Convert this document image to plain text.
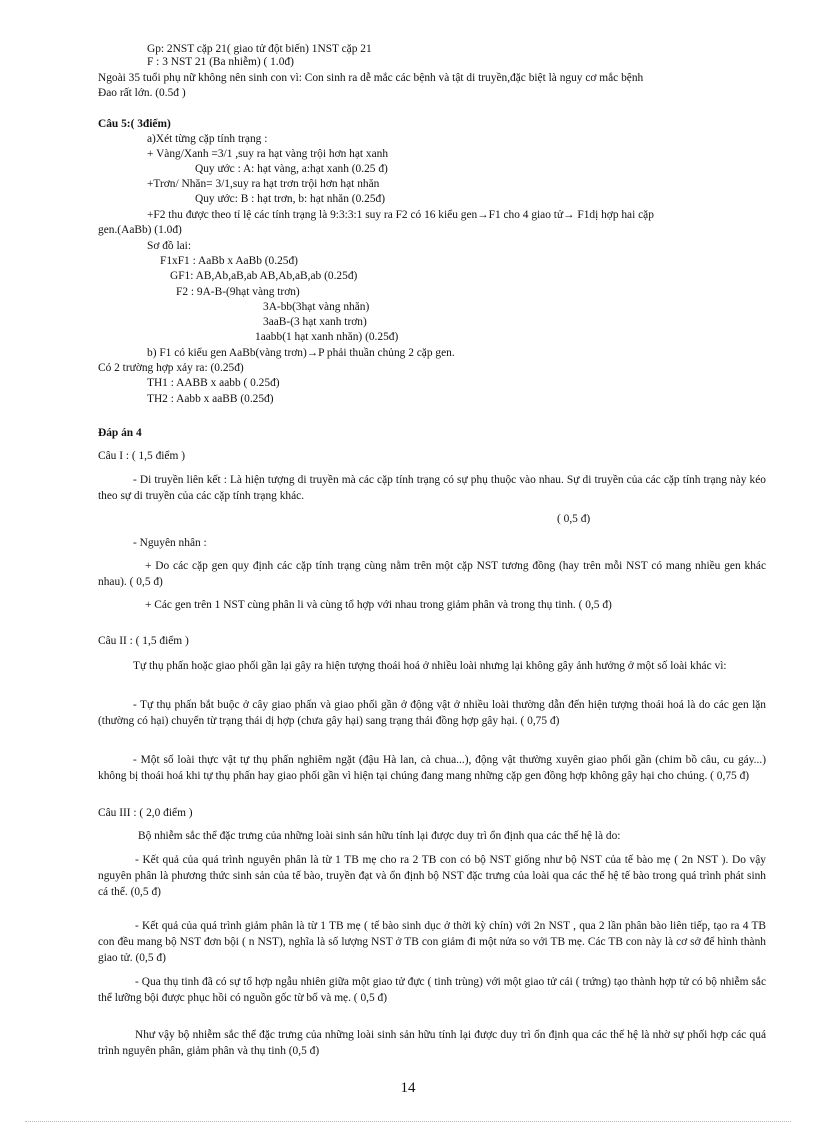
Gp: 2NST cặp 21( giao tử đột biến) 1NST cặp 21
F : 3 NST 21 (Ba nhiễm) ( 1.0đ)
Ngoài 35 tuổi phụ nữ không nên sinh con vì: Con sinh ra dễ mắc các bệnh và tật di truyền,đặc biệt là nguy cơ mắc bệnh
Đao rất lớn. (0.5đ )
Câu 5:( 3điểm)
a)Xét từng cặp tính trạng :
+ Vàng/Xanh =3/1 ,suy ra hạt vàng trội hơn hạt xanh
Quy ước : A: hạt vàng, a:hạt xanh (0.25 đ)
+Trơn/ Nhăn= 3/1,suy ra hạt trơn trội hơn hạt nhăn
Quy ước: B : hạt trơn, b: hạt nhăn (0.25đ)
+F2 thu được theo tỉ lệ các tính trạng là 9:3:3:1 suy ra F2 có 16 kiểu gen→F1 cho 4 giao tử→ F1dị hợp hai cặp
gen.(AaBb) (1.0đ)
Sơ đồ lai:
F1xF1 : AaBb x AaBb (0.25đ)
GF1: AB,Ab,aB,ab AB,Ab,aB,ab (0.25đ)
F2 : 9A-B-(9hạt vàng trơn)
3A-bb(3hạt vàng nhăn)
3aaB-(3 hạt xanh trơn)
1aabb(1 hạt xanh nhăn) (0.25đ)
b) F1 có kiểu gen AaBb(vàng trơn)→P phải thuần chủng 2 cặp gen.
Có 2 trường hợp xảy ra: (0.25đ)
TH1 : AABB x aabb ( 0.25đ)
TH2 : Aabb x aaBB (0.25đ)
Đáp án 4
Câu I : ( 1,5 điểm )
- Di truyền liên kết : Là hiện tượng di truyền mà các cặp tính trạng có sự phụ thuộc vào nhau. Sự di truyền của các cặp tính trạng này kéo theo sự di truyền của các cặp tính trạng khác.
( 0,5 đ)
- Nguyên nhân :
+ Do các cặp gen quy định các cặp tính trạng cùng nằm trên một cặp NST tương đồng (hay trên mỗi NST có mang nhiều gen khác nhau). ( 0,5 đ)
+ Các gen trên 1 NST cùng phân li và cùng tổ hợp với nhau trong giảm phân và trong thụ tinh. ( 0,5 đ)
Câu II : ( 1,5 điểm )
Tự thụ phấn hoặc giao phối gần lại gây ra hiện tượng thoái hoá ở nhiều loài nhưng lại không gây ảnh hưởng ở một số loài khác vì:
- Tự thụ phấn bắt buộc ở cây giao phấn và giao phối gần ở động vật ở nhiều loài thường dẫn đến hiện tượng thoái hoá là do các gen lặn (thường có hại) chuyển từ trạng thái dị hợp (chưa gây hại) sang trạng thái đồng hợp gây hại. ( 0,75 đ)
- Một số loài thực vật tự thụ phấn nghiêm ngặt (đậu Hà lan, cà chua...), động vật thường xuyên giao phối gần (chim bồ câu, cu gáy...) không bị thoái hoá khi tự thụ phấn hay giao phối gần vì hiện tại chúng đang mang những cặp gen đồng hợp không gây hại cho chúng. ( 0,75 đ)
Câu III : ( 2,0 điểm )
Bộ nhiễm sắc thể đặc trưng của những loài sinh sản hữu tính lại được duy trì ổn định qua các thế hệ là do:
- Kết quả của quá trình nguyên phân là từ 1 TB mẹ cho ra 2 TB con có bộ NST giống như bộ NST của tế bào mẹ ( 2n NST ). Do vậy nguyên phân là phương thức sinh sản của tế bào, truyền đạt và ổn định bộ NST đặc trưng của loài qua các thế hệ tế bào trong quá trình phát sinh cá thể. (0,5 đ)
- Kết quả của quá trình giảm phân là từ 1 TB mẹ ( tế bào sinh dục ở thời kỳ chín) với 2n NST , qua 2 lần phân bào liên tiếp, tạo ra 4 TB con đều mang bộ NST đơn bội ( n NST), nghĩa là số lượng NST ở TB con giảm đi một nửa so với TB mẹ. Các TB con này là cơ sở để hình thành giao tử. (0,5 đ)
- Qua thụ tinh đã có sự tổ hợp ngẫu nhiên giữa một giao tử đực ( tinh trùng) với một giao tử cái ( trứng) tạo thành hợp tử có bộ nhiễm sắc thể lưỡng bội được phục hồi có nguồn gốc từ bố và mẹ. ( 0,5 đ)
Như vậy bộ nhiễm sắc thể đặc trưng của những loài sinh sản hữu tính lại được duy trì ổn định qua các thế hệ là nhờ sự phối hợp các quá trình nguyên phân, giảm phân và thụ tinh (0,5 đ)
14
